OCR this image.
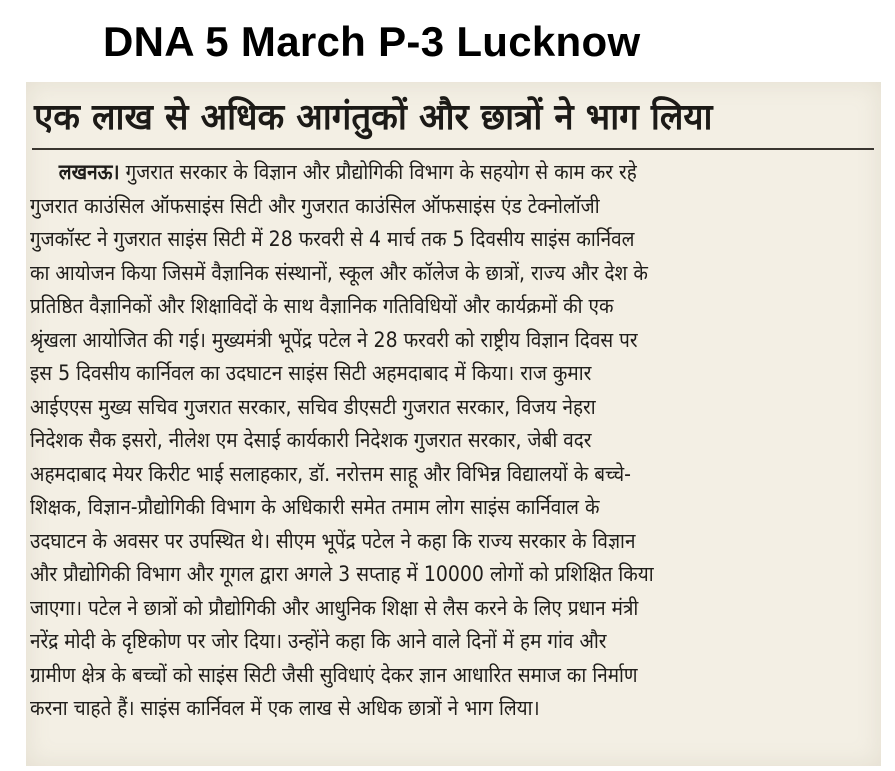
DNA 5 March P-3 Lucknow
एक लाख से अधिक आगंतुकों और छात्रों ने भाग लिया
लखनऊ। गुजरात सरकार के विज्ञान और प्रौद्योगिकी विभाग के सहयोग से काम कर रहे
गुजरात काउंसिल ऑफसाइंस सिटी और गुजरात काउंसिल ऑफसाइंस एंड टेक्नोलॉजी
गुजकॉस्ट ने गुजरात साइंस सिटी में 28 फरवरी से 4 मार्च तक 5 दिवसीय साइंस कार्निवल
का आयोजन किया जिसमें वैज्ञानिक संस्थानों, स्कूल और कॉलेज के छात्रों, राज्य और देश के
प्रतिष्ठित वैज्ञानिकों और शिक्षाविदों के साथ वैज्ञानिक गतिविधियों और कार्यक्रमों की एक
श्रृंखला आयोजित की गई। मुख्यमंत्री भूपेंद्र पटेल ने 28 फरवरी को राष्ट्रीय विज्ञान दिवस पर
इस 5 दिवसीय कार्निवल का उदघाटन साइंस सिटी अहमदाबाद में किया। राज कुमार
आईएएस मुख्य सचिव गुजरात सरकार, सचिव डीएसटी गुजरात सरकार, विजय नेहरा
निदेशक सैक इसरो, नीलेश एम देसाई कार्यकारी निदेशक गुजरात सरकार, जेबी वदर
अहमदाबाद मेयर किरीट भाई सलाहकार, डॉ. नरोत्तम साहू और विभिन्न विद्यालयों के बच्चे-
शिक्षक, विज्ञान-प्रौद्योगिकी विभाग के अधिकारी समेत तमाम लोग साइंस कार्निवाल के
उदघाटन के अवसर पर उपस्थित थे। सीएम भूपेंद्र पटेल ने कहा कि राज्य सरकार के विज्ञान
और प्रौद्योगिकी विभाग और गूगल द्वारा अगले 3 सप्ताह में 10000 लोगों को प्रशिक्षित किया
जाएगा। पटेल ने छात्रों को प्रौद्योगिकी और आधुनिक शिक्षा से लैस करने के लिए प्रधान मंत्री
नरेंद्र मोदी के दृष्टिकोण पर जोर दिया। उन्होंने कहा कि आने वाले दिनों में हम गांव और
ग्रामीण क्षेत्र के बच्चों को साइंस सिटी जैसी सुविधाएं देकर ज्ञान आधारित समाज का निर्माण
करना चाहते हैं। साइंस कार्निवल में एक लाख से अधिक छात्रों ने भाग लिया।
